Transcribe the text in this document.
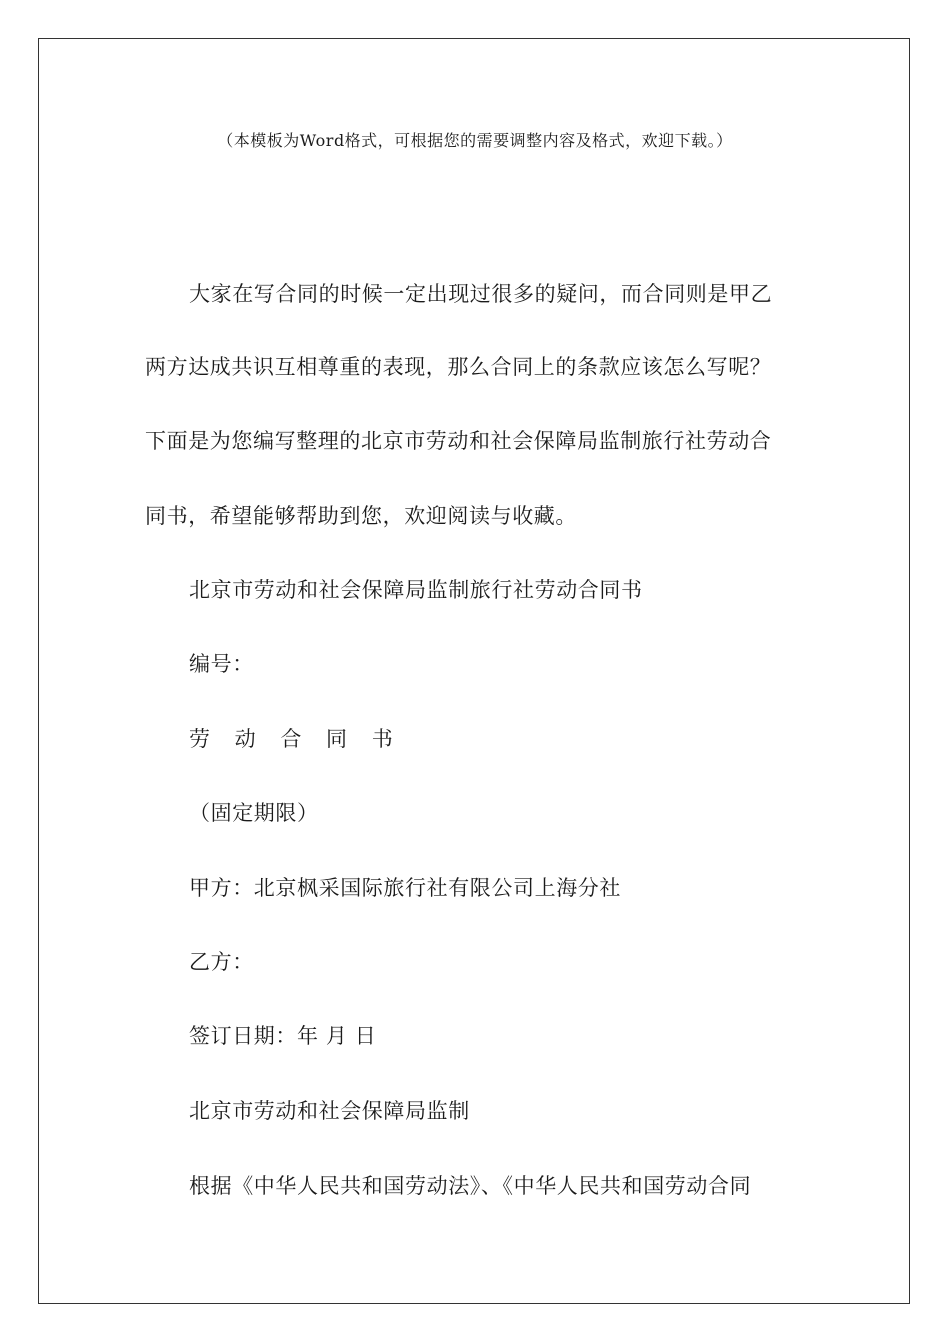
（本模板为Word格式，可根据您的需要调整内容及格式，欢迎下载。）
大家在写合同的时候一定出现过很多的疑问，而合同则是甲乙
两方达成共识互相尊重的表现，那么合同上的条款应该怎么写呢？
下面是为您编写整理的北京市劳动和社会保障局监制旅行社劳动合
同书，希望能够帮助到您，欢迎阅读与收藏。
北京市劳动和社会保障局监制旅行社劳动合同书
编号：
劳 动 合 同 书
（固定期限）
甲方：北京枫采国际旅行社有限公司上海分社
乙方：
签订日期：年 月 日
北京市劳动和社会保障局监制
根据《中华人民共和国劳动法》、《中华人民共和国劳动合同
